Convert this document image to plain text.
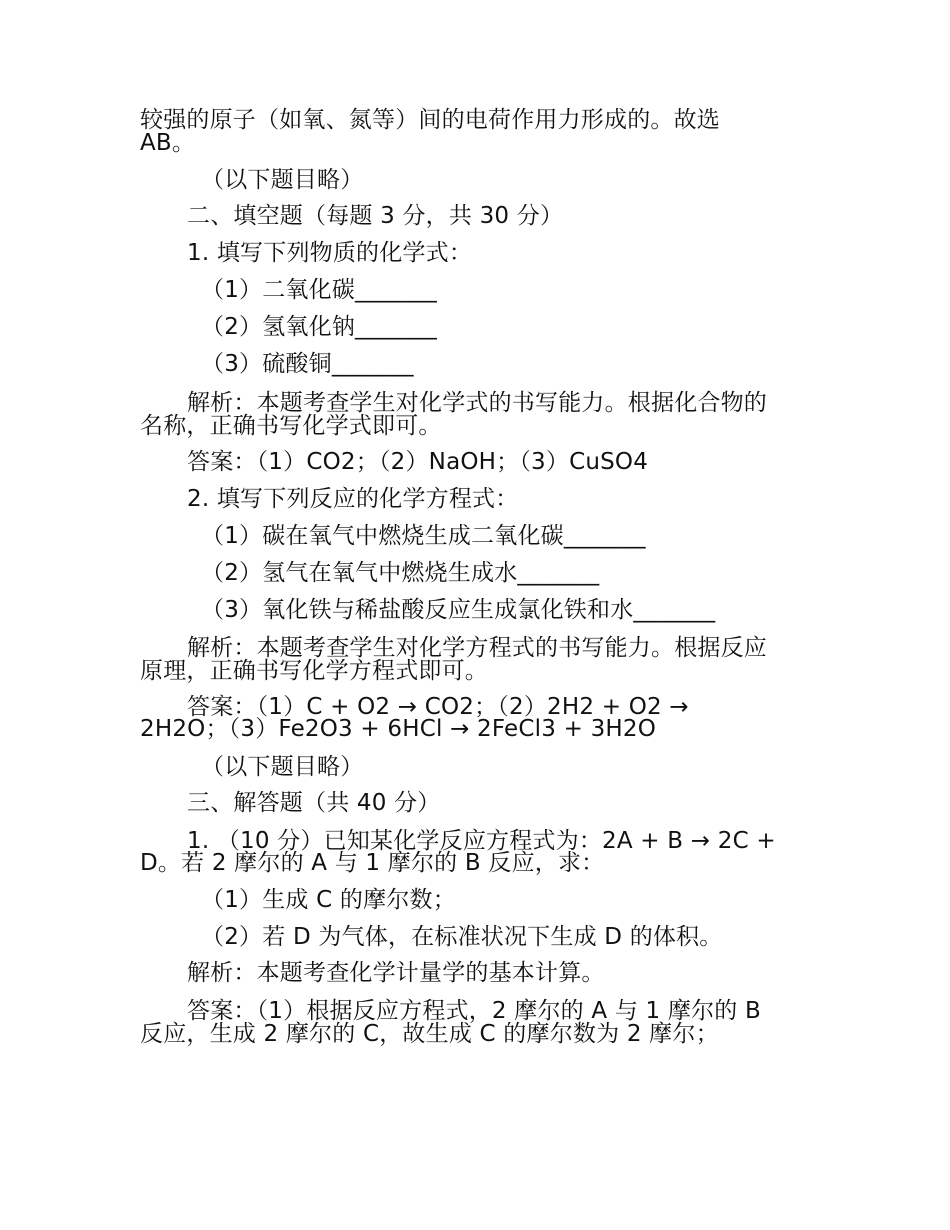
较强的原子（如氧、氮等）间的电荷作用力形成的。故选
AB。
（以下题目略）
二、填空题（每题 3 分，共 30 分）
1. 填写下列物质的化学式：
（1）二氧化碳_______
（2）氢氧化钠_______
（3）硫酸铜_______
解析：本题考查学生对化学式的书写能力。根据化合物的
名称，正确书写化学式即可。
答案：（1）CO2；（2）NaOH；（3）CuSO4
2. 填写下列反应的化学方程式：
（1）碳在氧气中燃烧生成二氧化碳_______
（2）氢气在氧气中燃烧生成水_______
（3）氧化铁与稀盐酸反应生成氯化铁和水_______
解析：本题考查学生对化学方程式的书写能力。根据反应
原理，正确书写化学方程式即可。
答案：（1）C + O2 → CO2；（2）2H2 + O2 →
2H2O；（3）Fe2O3 + 6HCl → 2FeCl3 + 3H2O
（以下题目略）
三、解答题（共 40 分）
1. （10 分）已知某化学反应方程式为：2A + B → 2C +
D。若 2 摩尔的 A 与 1 摩尔的 B 反应，求：
（1）生成 C 的摩尔数；
（2）若 D 为气体，在标准状况下生成 D 的体积。
解析：本题考查化学计量学的基本计算。
答案：（1）根据反应方程式，2 摩尔的 A 与 1 摩尔的 B
反应，生成 2 摩尔的 C，故生成 C 的摩尔数为 2 摩尔；
